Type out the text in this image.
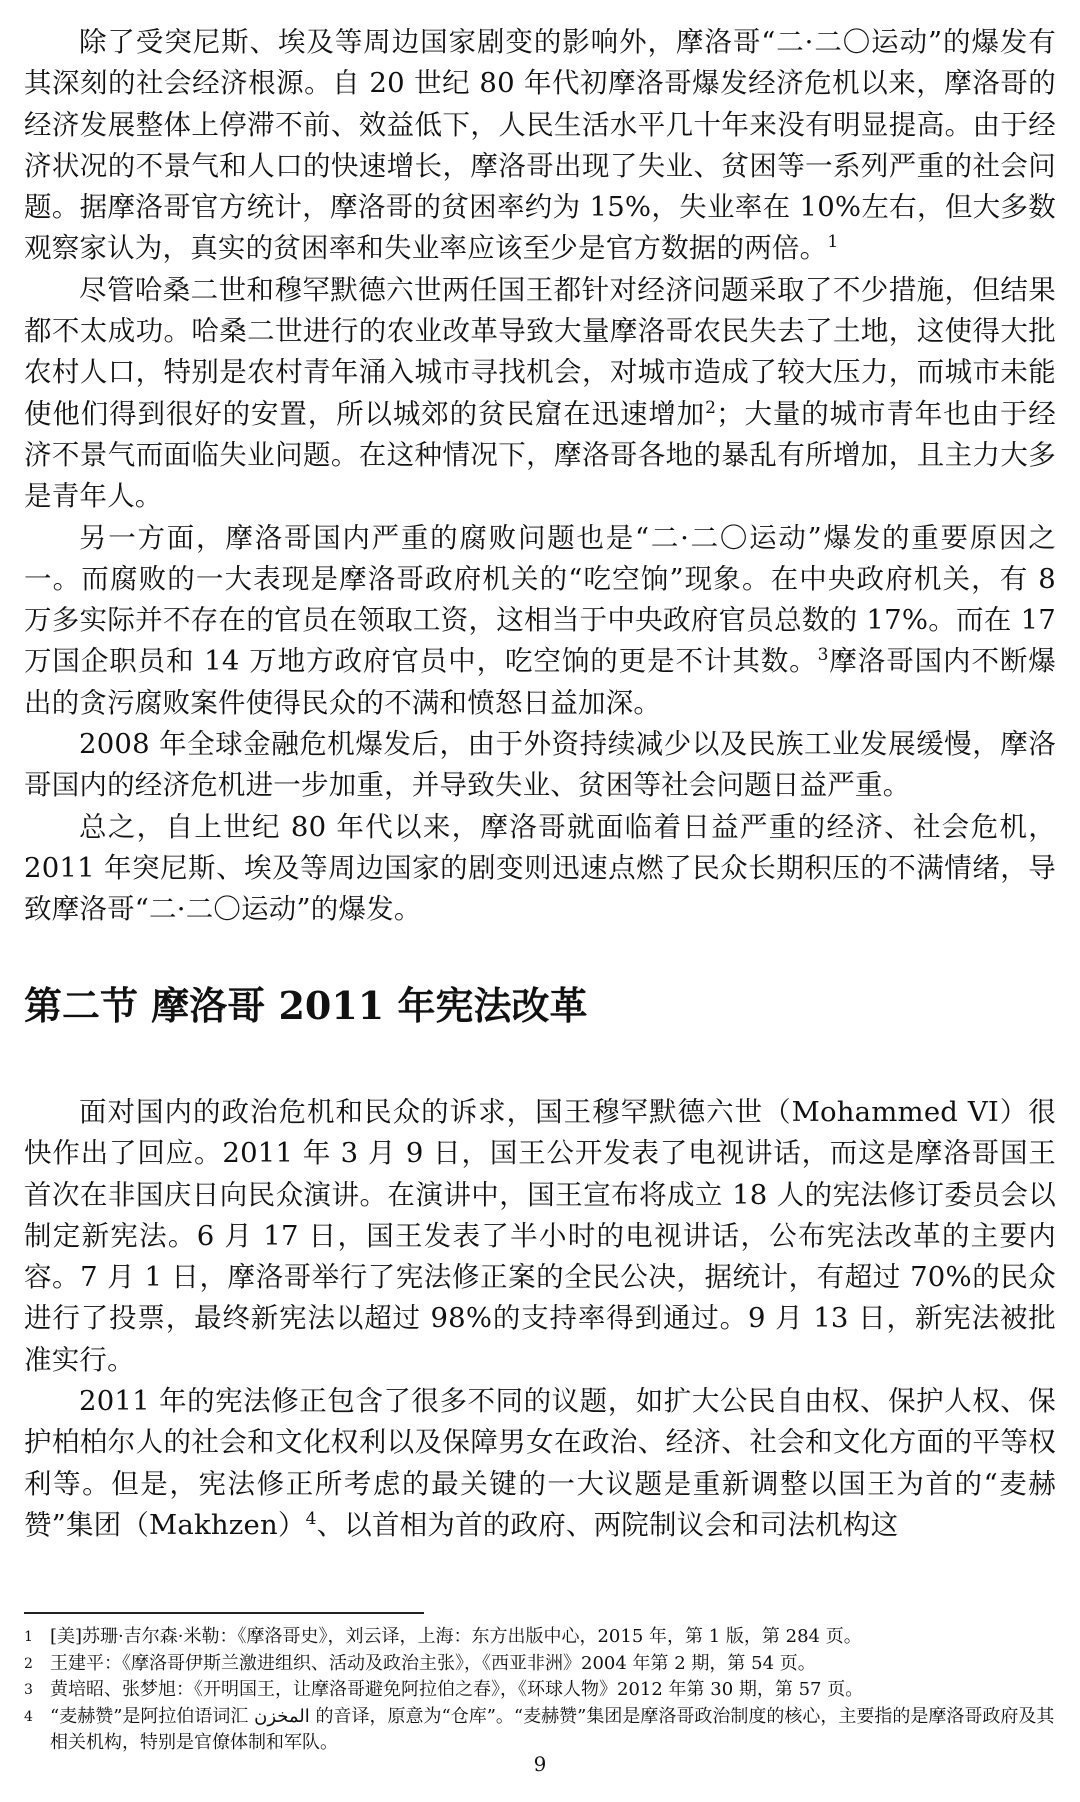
除了受突尼斯、埃及等周边国家剧变的影响外，摩洛哥“二·二〇运动”的爆发有其深刻的社会经济根源。自 20 世纪 80 年代初摩洛哥爆发经济危机以来，摩洛哥的经济发展整体上停滞不前、效益低下，人民生活水平几十年来没有明显提高。由于经济状况的不景气和人口的快速增长，摩洛哥出现了失业、贫困等一系列严重的社会问题。据摩洛哥官方统计，摩洛哥的贫困率约为 15%，失业率在 10%左右，但大多数观察家认为，真实的贫困率和失业率应该至少是官方数据的两倍。$^1$

尽管哈桑二世和穆罕默德六世两任国王都针对经济问题采取了不少措施，但结果都不太成功。哈桑二世进行的农业改革导致大量摩洛哥农民失去了土地，这使得大批农村人口，特别是农村青年涌入城市寻找机会，对城市造成了较大压力，而城市未能使他们得到很好的安置，所以城郊的贫民窟在迅速增加$^2$；大量的城市青年也由于经济不景气而面临失业问题。在这种情况下，摩洛哥各地的暴乱有所增加，且主力大多是青年人。

另一方面，摩洛哥国内严重的腐败问题也是“二·二〇运动”爆发的重要原因之一。而腐败的一大表现是摩洛哥政府机关的“吃空饷”现象。在中央政府机关，有 8 万多实际并不存在的官员在领取工资，这相当于中央政府官员总数的 17%。而在 17 万国企职员和 14 万地方政府官员中，吃空饷的更是不计其数。$^3$摩洛哥国内不断爆出的贪污腐败案件使得民众的不满和愤怒日益加深。

2008 年全球金融危机爆发后，由于外资持续减少以及民族工业发展缓慢，摩洛哥国内的经济危机进一步加重，并导致失业、贫困等社会问题日益严重。

总之，自上世纪 80 年代以来，摩洛哥就面临着日益严重的经济、社会危机，2011 年突尼斯、埃及等周边国家的剧变则迅速点燃了民众长期积压的不满情绪，导致摩洛哥“二·二〇运动”的爆发。

第二节 摩洛哥 2011 年宪法改革

面对国内的政治危机和民众的诉求，国王穆罕默德六世（Mohammed VI）很快作出了回应。2011 年 3 月 9 日，国王公开发表了电视讲话，而这是摩洛哥国王首次在非国庆日向民众演讲。在演讲中，国王宣布将成立 18 人的宪法修订委员会以制定新宪法。6 月 17 日，国王发表了半小时的电视讲话，公布宪法改革的主要内容。7 月 1 日，摩洛哥举行了宪法修正案的全民公决，据统计，有超过 70%的民众进行了投票，最终新宪法以超过 98%的支持率得到通过。9 月 13 日，新宪法被批准实行。

2011 年的宪法修正包含了很多不同的议题，如扩大公民自由权、保护人权、保护柏柏尔人的社会和文化权利以及保障男女在政治、经济、社会和文化方面的平等权利等。但是，宪法修正所考虑的最关键的一大议题是重新调整以国王为首的“麦赫赞”集团（Makhzen）$^4$、以首相为首的政府、两院制议会和司法机构这

1 [美]苏珊·吉尔森·米勒：《摩洛哥史》，刘云译，上海：东方出版中心，2015 年，第 1 版，第 284 页。
2 王建平：《摩洛哥伊斯兰激进组织、活动及政治主张》，《西亚非洲》2004 年第 2 期，第 54 页。
3 黄培昭、张梦旭：《开明国王，让摩洛哥避免阿拉伯之春》，《环球人物》2012 年第 30 期，第 57 页。
4 “麦赫赞”是阿拉伯语词汇 المخزن 的音译，原意为“仓库”。“麦赫赞”集团是摩洛哥政治制度的核心，主要指的是摩洛哥政府及其相关机构，特别是官僚体制和军队。
9
